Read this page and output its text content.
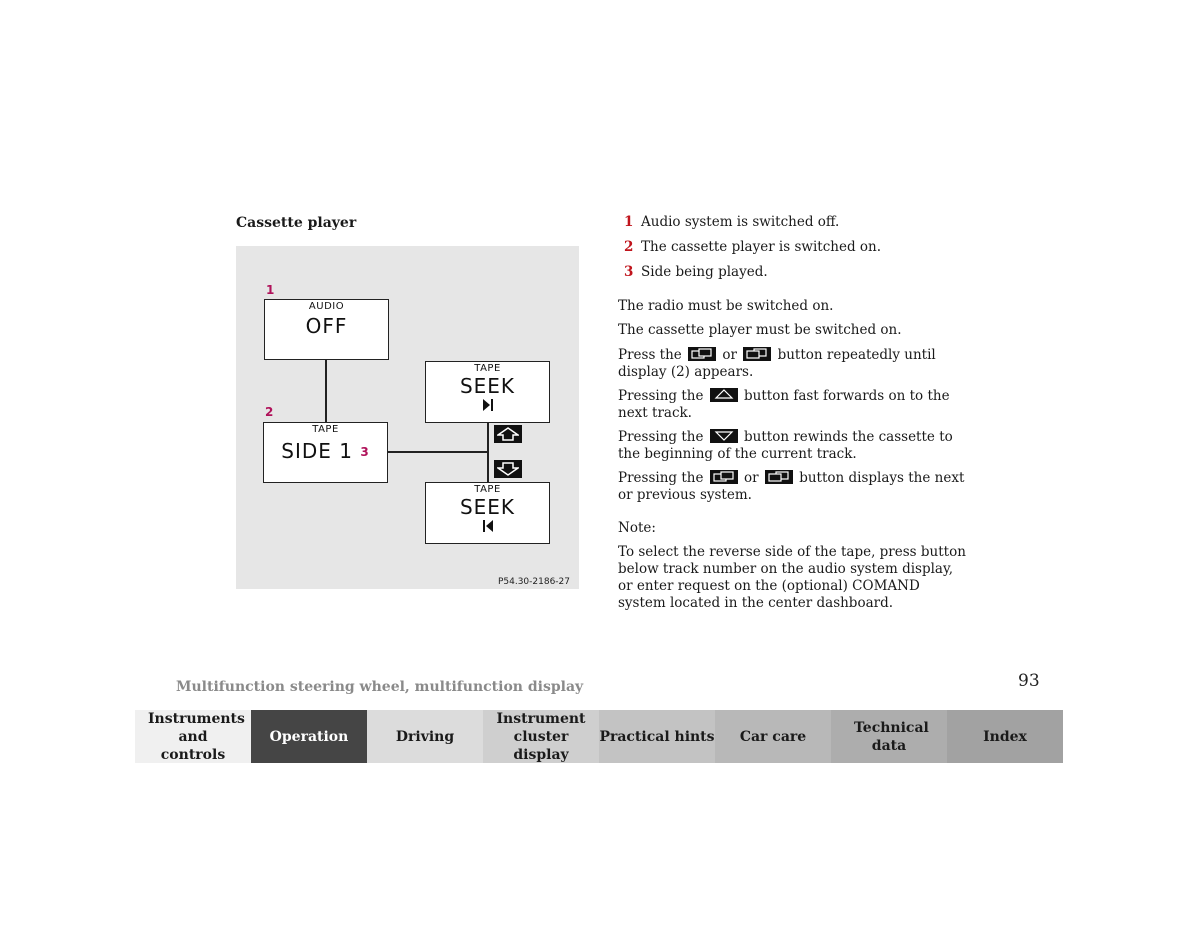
Cassette player
1
2
AUDIO
OFF
TAPE
SIDE 1 3
TAPE
SEEK
TAPE
SEEK
P54.30-2186-27
1 Audio system is switched off.
2 The cassette player is switched on.
3 Side being played.
The radio must be switched on.
The cassette player must be switched on.
Press the	or	button repeatedly until display (2) appears.
Pressing the	button fast forwards on to the next track.
Pressing the	button rewinds the cassette to the beginning of the current track.
Pressing the	or	button displays the next or previous system.
Note:
To select the reverse side of the tape, press button below track number on the audio system display, or enter request on the (optional) COMAND system located in the center dashboard.
Multifunction steering wheel, multifunction display	93
Instruments and controls
Operation	Driving
Instrument cluster display
Practical hints Car care
Technical data
Index
